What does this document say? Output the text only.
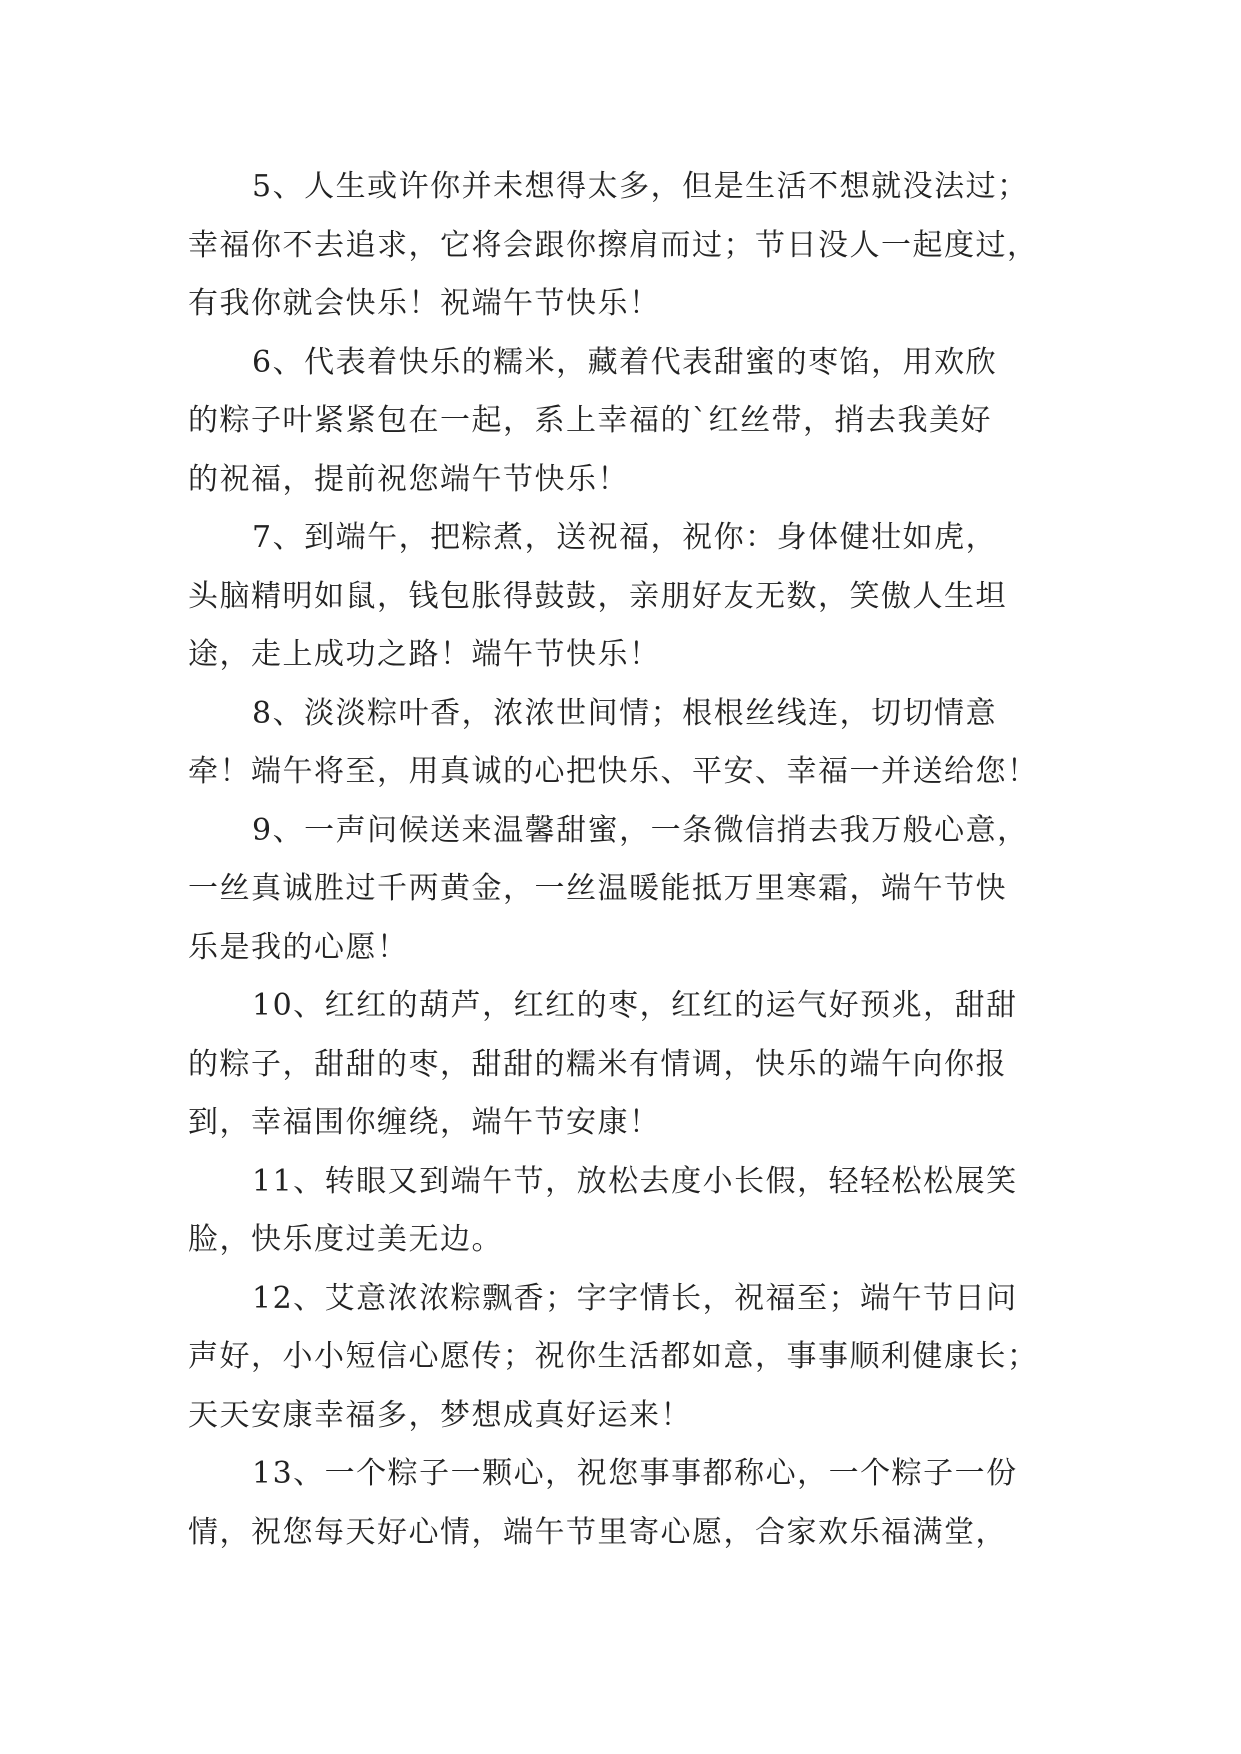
5、人生或许你并未想得太多，但是生活不想就没法过；
幸福你不去追求，它将会跟你擦肩而过；节日没人一起度过，
有我你就会快乐！祝端午节快乐！
6、代表着快乐的糯米，藏着代表甜蜜的枣馅，用欢欣
的粽子叶紧紧包在一起，系上幸福的`红丝带，捎去我美好
的祝福，提前祝您端午节快乐！
7、到端午，把粽煮，送祝福，祝你：身体健壮如虎，
头脑精明如鼠，钱包胀得鼓鼓，亲朋好友无数，笑傲人生坦
途，走上成功之路！端午节快乐！
8、淡淡粽叶香，浓浓世间情；根根丝线连，切切情意
牵！端午将至，用真诚的心把快乐、平安、幸福一并送给您！
9、一声问候送来温馨甜蜜，一条微信捎去我万般心意，
一丝真诚胜过千两黄金，一丝温暖能抵万里寒霜，端午节快
乐是我的心愿！
10、红红的葫芦，红红的枣，红红的运气好预兆，甜甜
的粽子，甜甜的枣，甜甜的糯米有情调，快乐的端午向你报
到，幸福围你缠绕，端午节安康！
11、转眼又到端午节，放松去度小长假，轻轻松松展笑
脸，快乐度过美无边。
12、艾意浓浓粽飘香；字字情长，祝福至；端午节日问
声好，小小短信心愿传；祝你生活都如意，事事顺利健康长；
天天安康幸福多，梦想成真好运来！
13、一个粽子一颗心，祝您事事都称心，一个粽子一份
情，祝您每天好心情，端午节里寄心愿，合家欢乐福满堂，
